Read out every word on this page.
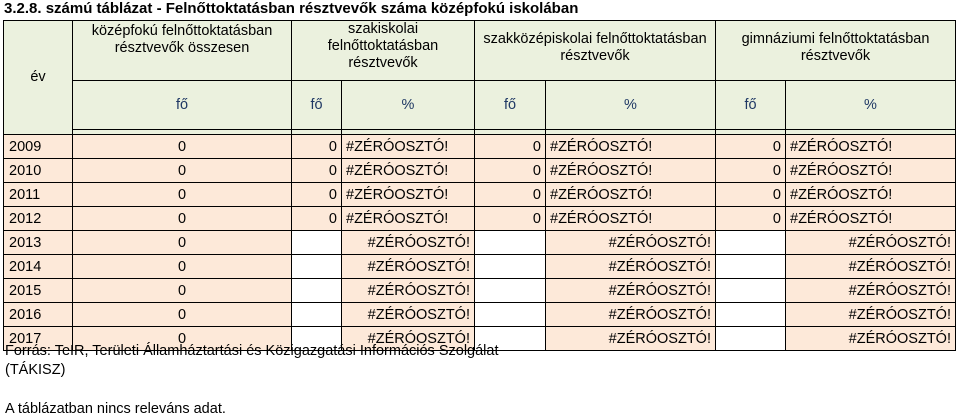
3.2.8. számú táblázat - Felnőttoktatásban résztvevők száma középfokú iskolában
év	középfokú felnőttoktatásban résztvevők összesen	szakiskolai felnőttoktatásban résztvevők		szakközépiskolai felnőttoktatásban résztvevők		gimnáziumi felnőttoktatásban résztvevők	
	fő	fő	%	fő	%	fő	%

2009	0	0	#ZÉRÓOSZTÓ!	0	#ZÉRÓOSZTÓ!	0	#ZÉRÓOSZTÓ!
2010	0	0	#ZÉRÓOSZTÓ!	0	#ZÉRÓOSZTÓ!	0	#ZÉRÓOSZTÓ!
2011	0	0	#ZÉRÓOSZTÓ!	0	#ZÉRÓOSZTÓ!	0	#ZÉRÓOSZTÓ!
2012	0	0	#ZÉRÓOSZTÓ!	0	#ZÉRÓOSZTÓ!	0	#ZÉRÓOSZTÓ!
2013	0		#ZÉRÓOSZTÓ!		#ZÉRÓOSZTÓ!		#ZÉRÓOSZTÓ!
2014	0		#ZÉRÓOSZTÓ!		#ZÉRÓOSZTÓ!		#ZÉRÓOSZTÓ!
2015	0		#ZÉRÓOSZTÓ!		#ZÉRÓOSZTÓ!		#ZÉRÓOSZTÓ!
2016	0		#ZÉRÓOSZTÓ!		#ZÉRÓOSZTÓ!		#ZÉRÓOSZTÓ!
2017	0		#ZÉRÓOSZTÓ!		#ZÉRÓOSZTÓ!		#ZÉRÓOSZTÓ!
Forrás: TeIR, Területi Államháztartási és Közigazgatási Információs Szolgálat
(TÁKISZ)
A táblázatban nincs releváns adat.
